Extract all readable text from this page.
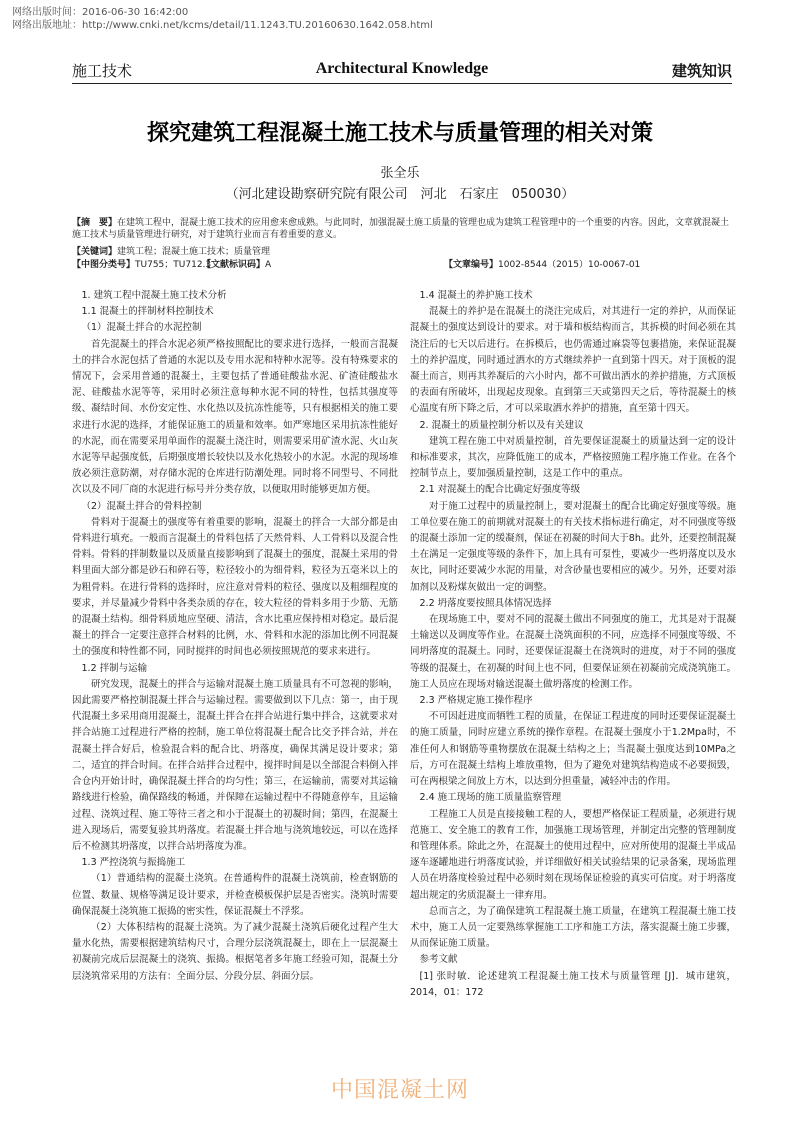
网络出版时间：2016-06-30 16:42:00
网络出版地址：http://www.cnki.net/kcms/detail/11.1243.TU.20160630.1642.058.html
施工技术	Architectural Knowledge	建筑知识
探究建筑工程混凝土施工技术与质量管理的相关对策
张全乐
（河北建设勘察研究院有限公司　河北　石家庄　050030）
【摘　要】在建筑工程中，混凝土施工技术的应用愈来愈成熟。与此同时，加强混凝土施工质量的管理也成为建筑工程管理中的一个重要的内容。因此，文章就混凝土施工技术与质量管理进行研究，对于建筑行业而言有着重要的意义。
【关键词】建筑工程；混凝土施工技术；质量管理
【中图分类号】TU755；TU712.3
【文献标识码】A	【文章编号】1002-8544（2015）10-0067-01

1. 建筑工程中混凝土施工技术分析

1.1 混凝土的拌制材料控制技术

（1）混凝土拌合的水泥控制

首先混凝土的拌合水泥必须严格按照配比的要求进行选择，一般而言混凝土的拌合水泥包括了普通的水泥以及专用水泥和特种水泥等。没有特殊要求的情况下，会采用普通的混凝土，主要包括了普通硅酸盐水泥、矿渣硅酸盐水泥、硅酸盐水泥等等，采用时必须注意每种水泥不同的特性，包括其强度等级、凝结时间、水份安定性、水化热以及抗冻性能等，只有根据相关的施工要求进行水泥的选择，才能保证施工的质量和效率。如严寒地区采用抗冻性能好的水泥，而在需要采用单面作的混凝土浇注时，则需要采用矿渣水泥、火山灰水泥等早起强度低，后期强度增长较快以及水化热较小的水泥。水泥的现场堆放必须注意防潮，对存储水泥的仓库进行防潮处理。同时将不同型号、不同批次以及不同厂商的水泥进行标号并分类存放，以便取用时能够更加方便。

（2）混凝土拌合的骨料控制

骨料对于混凝土的强度等有着重要的影响，混凝土的拌合一大部分都是由骨料进行填充。一般而言混凝土的骨料包括了天然骨料、人工骨料以及混合性骨料。骨料的拌制数量以及质量直接影响到了混凝土的强度，混凝土采用的骨料里面大部分都是砂石和碎石等，粒径较小的为细骨料，粒径为五毫米以上的为粗骨料。在进行骨料的选择时，应注意对骨料的粒径、强度以及粗细程度的要求，并尽量减少骨料中各类杂质的存在，较大粒径的骨料多用于少筋、无筋的混凝土结构。细骨料质地应坚硬、清洁，含水比重应保持相对稳定。最后混凝土的拌合一定要注意拌合材料的比例，水、骨料和水泥的添加比例不同混凝土的强度和特性都不同，同时搅拌的时间也必须按照规范的要求来进行。

1.2 拌制与运输

研究发现，混凝土的拌合与运输对混凝土施工质量具有不可忽视的影响，因此需要严格控制混凝土拌合与运输过程。需要做到以下几点：第一，由于现代混凝土多采用商用混凝土，混凝土拌合在拌合站进行集中拌合，这就要求对拌合站施工过程进行严格的控制，施工单位将混凝土配合比交予拌合站，并在混凝土拌合好后，检验混合料的配合比、坍落度，确保其满足设计要求；第二，适宜的拌合时间。在拌合站拌合过程中，搅拌时间是以全部混合料倒入拌合仓内开始计时，确保混凝土拌合的均匀性；第三，在运输前，需要对其运输路线进行检验，确保路线的畅通，并保障在运输过程中不得随意停车，且运输过程、浇筑过程、施工等待三者之和小于混凝土的初凝时间；第四，在混凝土进入现场后，需要复验其坍落度。若混凝土拌合地与浇筑地较远，可以在选择后不检测其坍落度，以拌合站坍落度为准。

1.3 严控浇筑与振捣施工

（1）普通结构的混凝土浇筑。在普通构件的混凝土浇筑前，检查钢筋的位置、数量、规格等满足设计要求，并检查模板保护层是否密实。浇筑时需要确保混凝土浇筑施工振捣的密实性，保证混凝土不浮浆。

（2）大体积结构的混凝土浇筑。为了减少混凝土浇筑后硬化过程产生大量水化热，需要根据建筑结构尺寸，合理分层浇筑混凝土，即在上一层混凝土初凝前完成后层混凝土的浇筑、振捣。根据笔者多年施工经验可知，混凝土分层浇筑常采用的方法有：全面分层、分段分层、斜面分层。

1.4 混凝土的养护施工技术

混凝土的养护是在混凝土的浇注完成后，对其进行一定的养护，从而保证混凝土的强度达到设计的要求。对于墙和板结构而言，其拆模的时间必须在其浇注后的七天以后进行。在拆模后，也仍需通过麻袋等包裹措施，来保证混凝土的养护温度，同时通过洒水的方式继续养护一直到第十四天。对于顶板的混凝土而言，则再其养凝后的六小时内，都不可做出洒水的养护措施，方式顶板的表面有所破坏，出现起皮现象。直到第三天或第四天之后，等待混凝土的核心温度有所下降之后，才可以采取洒水养护的措施，直至第十四天。

2. 混凝土的质量控制分析以及有关建议

建筑工程在施工中对质量控制，首先要保证混凝土的质量达到一定的设计和标准要求，其次，应降低施工的成本，严格按照施工程序施工作业。在各个控制节点上，要加强质量控制，这是工作中的重点。

2.1 对混凝土的配合比确定好强度等级

对于施工过程中的质量控制上，要对混凝土的配合比确定好强度等级。施工单位要在施工的前期就对混凝土的有关技术指标进行确定，对不同强度等级的混凝土添加一定的缓凝剂，保证在初凝的时间大于8h。此外，还要控制混凝土在满足一定强度等级的条件下，加上具有可泵性，要减少一些坍落度以及水灰比，同时还要减少水泥的用量，对含砂量也要相应的减少。另外，还要对添加剂以及粉煤灰做出一定的调整。

2.2 坍落度要按照具体情况选择

在现场施工中，要对不同的混凝土做出不同强度的施工，尤其是对于混凝土输送以及调度等作业。在混凝土浇筑面积的不同，应选择不同强度等级、不同坍落度的混凝土。同时，还要保证混凝土在浇筑时的进度，对于不同的强度等级的混凝土，在初凝的时间上也不同，但要保证须在初凝前完成浇筑施工。施工人员应在现场对输送混凝土做坍落度的检测工作。

2.3 严格规定施工操作程序

不可因赶进度而牺牲工程的质量，在保证工程进度的同时还要保证混凝土的施工质量，同时应建立系统的操作章程。在混凝土强度小于1.2Mpa时，不准任何人和钢筋等重物摆放在混凝土结构之上；当混凝土强度达到10MPa之后，方可在混凝土结构上堆放重物，但为了避免对建筑结构造成不必要损毁，可在两根梁之间放上方木，以达到分担重量，减轻冲击的作用。

2.4 施工现场的施工质量监察管理

工程施工人员是直接接触工程的人，要想严格保证工程质量，必须进行规范施工、安全施工的教育工作，加强施工现场管理，并制定出完整的管理制度和管理体系。除此之外，在混凝土的使用过程中，应对所使用的混凝土半成品逐车逐罐地进行坍落度试验，并详细做好相关试验结果的记录备案，现场监理人员在坍落度检验过程中必须时刻在现场保证检验的真实可信度。对于坍落度超出规定的劣质混凝土一律弃用。

总而言之，为了确保建筑工程混凝土施工质量，在建筑工程混凝土施工技术中，施工人员一定要熟练掌握施工工序和施工方法，落实混凝土施工步骤，从而保证施工质量。

参考文献

[1] 张时敏．论述建筑工程混凝土施工技术与质量管理 [J]．城市建筑，2014，01：172

中国混凝土网
